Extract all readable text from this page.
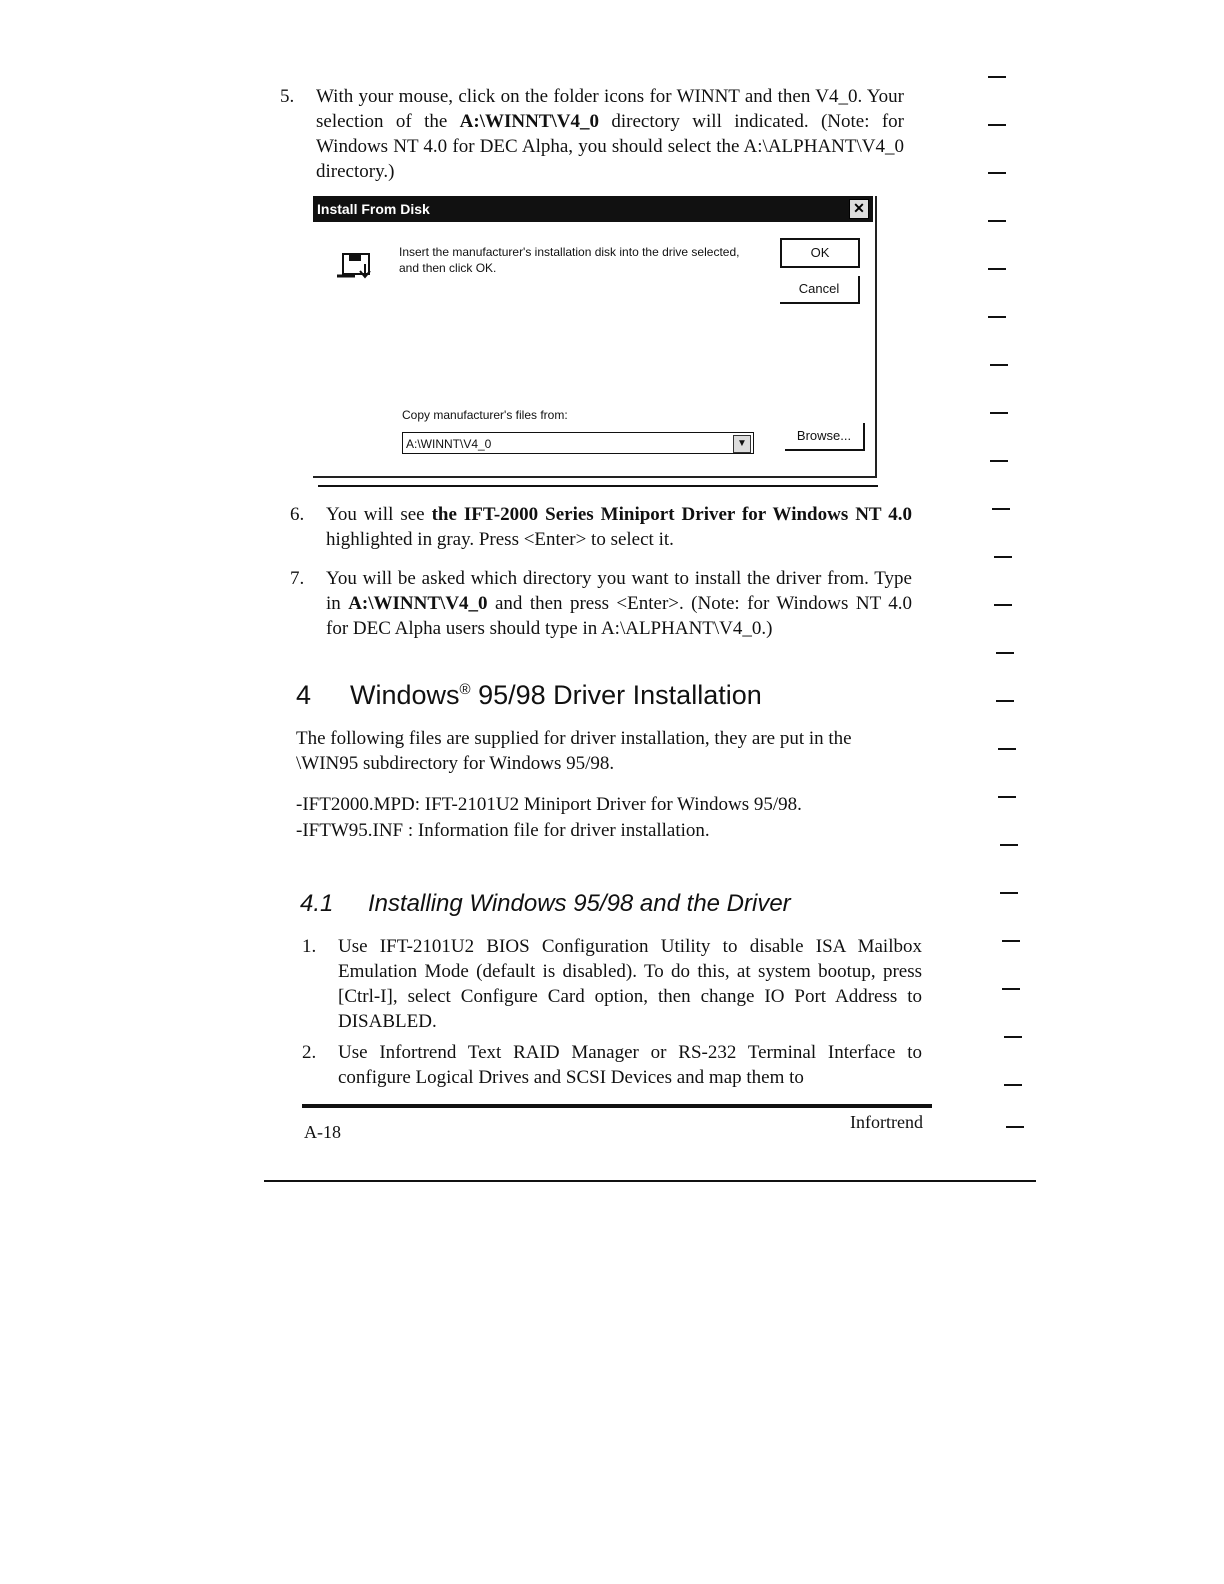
5.	With your mouse, click on the folder icons for WINNT and then V4_0. Your selection of the A:\WINNT\V4_0 directory will indicated. (Note: for Windows NT 4.0 for DEC Alpha, you should select the A:\ALPHANT\V4_0 directory.)
Install From Disk	✕
Insert the manufacturer's installation disk into the drive selected, and then click OK.
OK
Cancel
Copy manufacturer's files from:
A:\WINNT\V4_0	▼
Browse...
6.	You will see the IFT-2000 Series Miniport Driver for Windows NT 4.0 highlighted in gray. Press <Enter> to select it.
7.	You will be asked which directory you want to install the driver from. Type in A:\WINNT\V4_0 and then press <Enter>. (Note: for Windows NT 4.0 for DEC Alpha users should type in A:\ALPHANT\V4_0.)
4 Windows® 95/98 Driver Installation
The following files are supplied for driver installation, they are put in the \WIN95 subdirectory for Windows 95/98.
-IFT2000.MPD: IFT-2101U2 Miniport Driver for Windows 95/98.
-IFTW95.INF : Information file for driver installation.
4.1 Installing Windows 95/98 and the Driver
1.	Use IFT-2101U2 BIOS Configuration Utility to disable ISA Mailbox Emulation Mode (default is disabled). To do this, at system bootup, press [Ctrl-I], select Configure Card option, then change IO Port Address to DISABLED.
2.	Use Infortrend Text RAID Manager or RS-232 Terminal Interface to configure Logical Drives and SCSI Devices and map them to
A-18	Infortrend
